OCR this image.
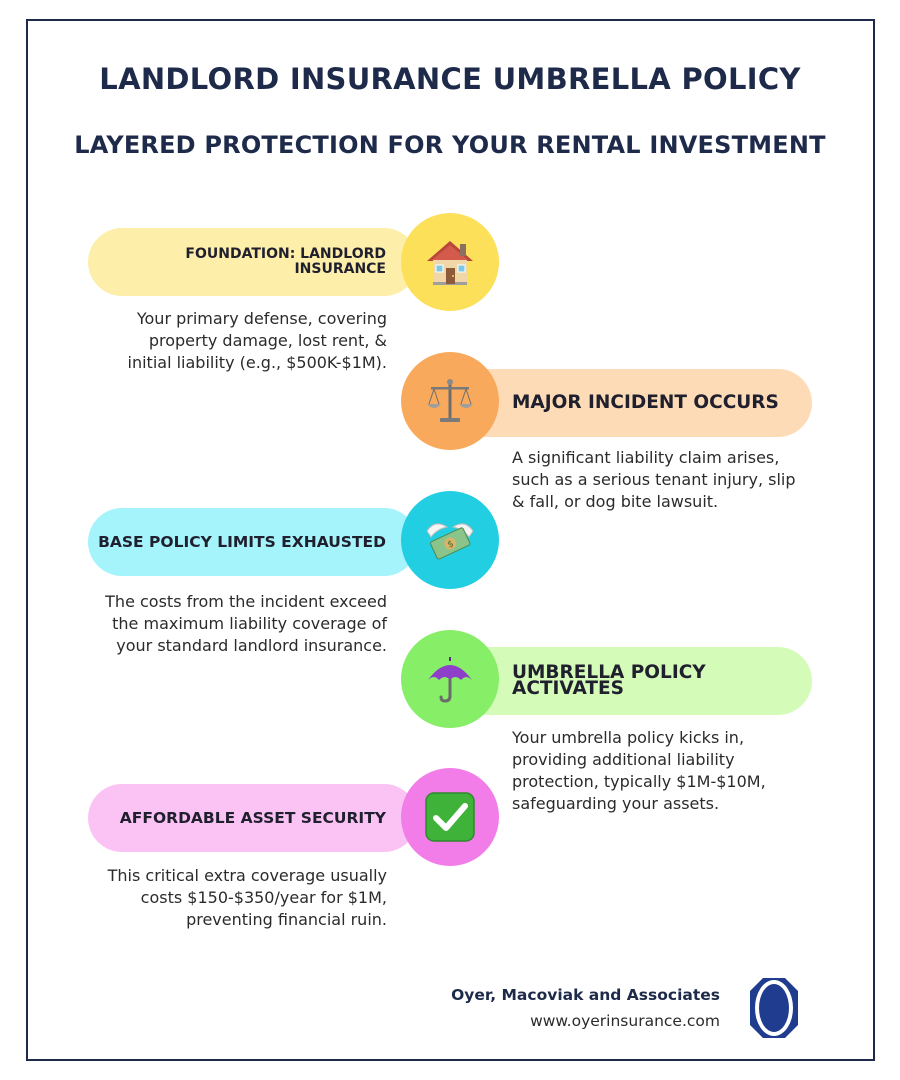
LANDLORD INSURANCE UMBRELLA POLICY
LAYERED PROTECTION FOR YOUR RENTAL INVESTMENT
FOUNDATION: LANDLORD
INSURANCE

Your primary defense, covering property damage, lost rent, & initial liability (e.g., $500K-$1M).

MAJOR INCIDENT OCCURS

A significant liability claim arises, such as a serious tenant injury, slip & fall, or dog bite lawsuit.

BASE POLICY LIMITS EXHAUSTED	$

The costs from the incident exceed the maximum liability coverage of your standard landlord insurance.

UMBRELLA POLICY ACTIVATES

Your umbrella policy kicks in, providing additional liability protection, typically $1M-$10M, safeguarding your assets.

AFFORDABLE ASSET SECURITY

This critical extra coverage usually costs $150-$350/year for $1M, preventing financial ruin.

Oyer, Macoviak and Associates
www.oyerinsurance.com
